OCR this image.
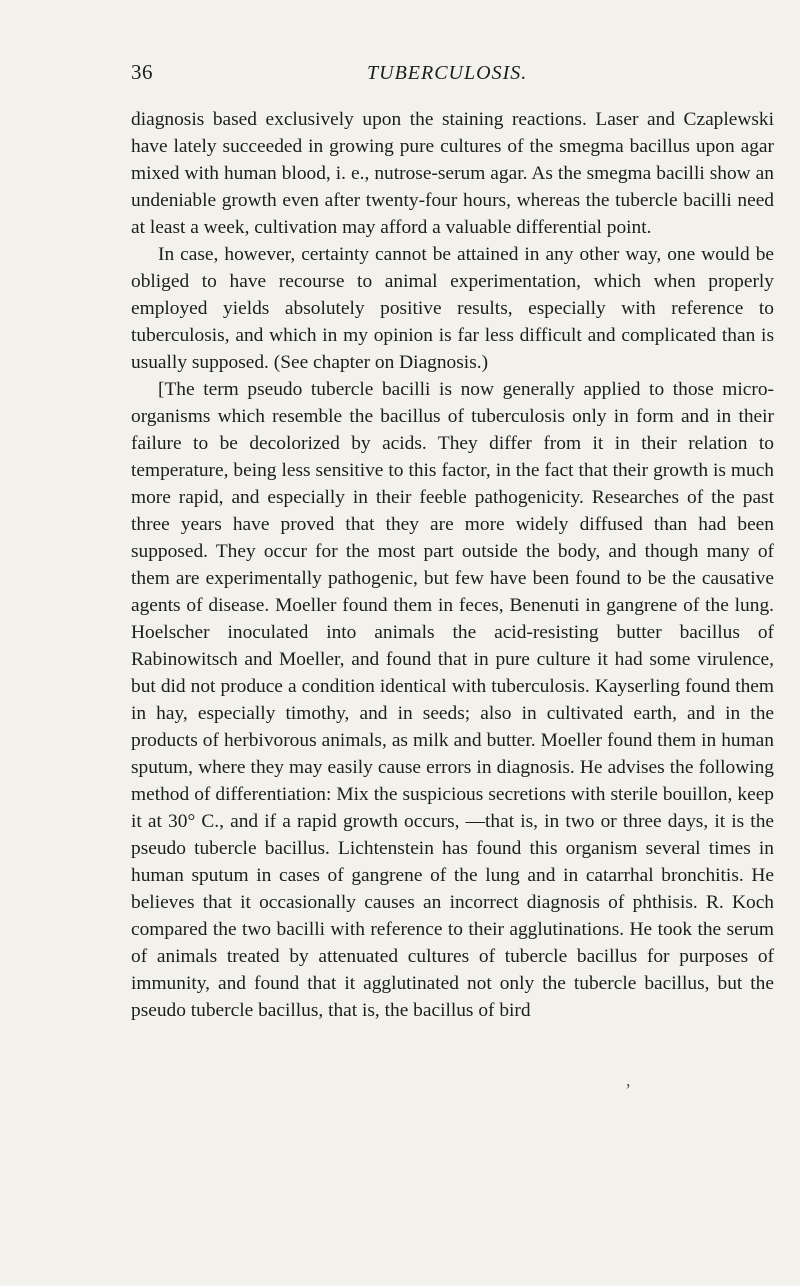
36	TUBERCULOSIS.

diagnosis based exclusively upon the staining reactions. Laser and Czaplewski have lately succeeded in growing pure cultures of the smegma bacillus upon agar mixed with human blood, i. e., nutrose-serum agar. As the smegma bacilli show an undeniable growth even after twenty-four hours, whereas the tubercle bacilli need at least a week, cultivation may afford a valuable differential point.

In case, however, certainty cannot be attained in any other way, one would be obliged to have recourse to animal experimentation, which when properly employed yields absolutely positive results, especially with reference to tuberculosis, and which in my opinion is far less difficult and complicated than is usually supposed. (See chapter on Diagnosis.)

[The term pseudo tubercle bacilli is now generally applied to those micro-organisms which resemble the bacillus of tuberculosis only in form and in their failure to be decolorized by acids. They differ from it in their relation to temperature, being less sensitive to this factor, in the fact that their growth is much more rapid, and especially in their feeble pathogenicity. Researches of the past three years have proved that they are more widely diffused than had been supposed. They occur for the most part outside the body, and though many of them are experimentally pathogenic, but few have been found to be the causative agents of disease. Moeller found them in feces, Benenuti in gangrene of the lung. Hoelscher inoculated into animals the acid-resisting butter bacillus of Rabinowitsch and Moeller, and found that in pure culture it had some virulence, but did not produce a condition identical with tuberculosis. Kayserling found them in hay, especially timothy, and in seeds; also in cultivated earth, and in the products of herbivorous animals, as milk and butter. Moeller found them in human sputum, where they may easily cause errors in diagnosis. He advises the following method of differentiation: Mix the suspicious secretions with sterile bouillon, keep it at 30° C., and if a rapid growth occurs, —that is, in two or three days, it is the pseudo tubercle bacillus. Lichtenstein has found this organism several times in human sputum in cases of gangrene of the lung and in catarrhal bronchitis. He believes that it occasionally causes an incorrect diagnosis of phthisis. R. Koch compared the two bacilli with reference to their agglutinations. He took the serum of animals treated by attenuated cultures of tubercle bacillus for purposes of immunity, and found that it agglutinated not only the tubercle bacillus, but the pseudo tubercle bacillus, that is, the bacillus of bird

,
